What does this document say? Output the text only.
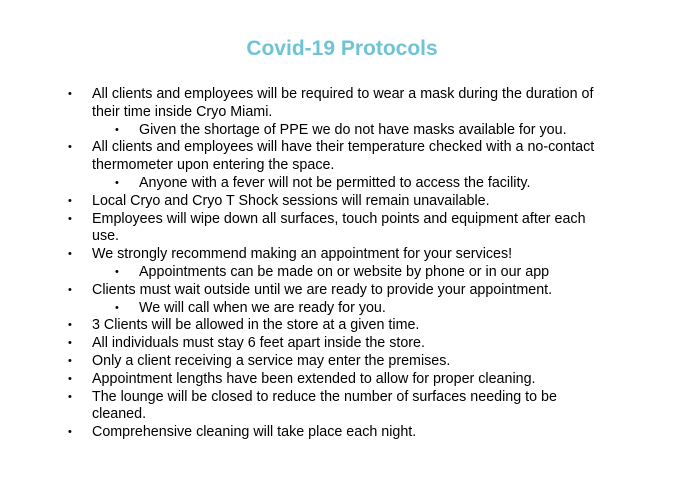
Covid-19 Protocols
• All clients and employees will be required to wear a mask during the duration of their time inside Cryo Miami.
• Given the shortage of PPE we do not have masks available for you.
• All clients and employees will have their temperature checked with a no-contact thermometer upon entering the space.
• Anyone with a fever will not be permitted to access the facility.
• Local Cryo and Cryo T Shock sessions will remain unavailable.
• Employees will wipe down all surfaces, touch points and equipment after each use.
• We strongly recommend making an appointment for your services!
• Appointments can be made on or website by phone or in our app
• Clients must wait outside until we are ready to provide your appointment.
• We will call when we are ready for you.
• 3 Clients will be allowed in the store at a given time.
• All individuals must stay 6 feet apart inside the store.
• Only a client receiving a service may enter the premises.
• Appointment lengths have been extended to allow for proper cleaning.
• The lounge will be closed to reduce the number of surfaces needing to be cleaned.
• Comprehensive cleaning will take place each night.
